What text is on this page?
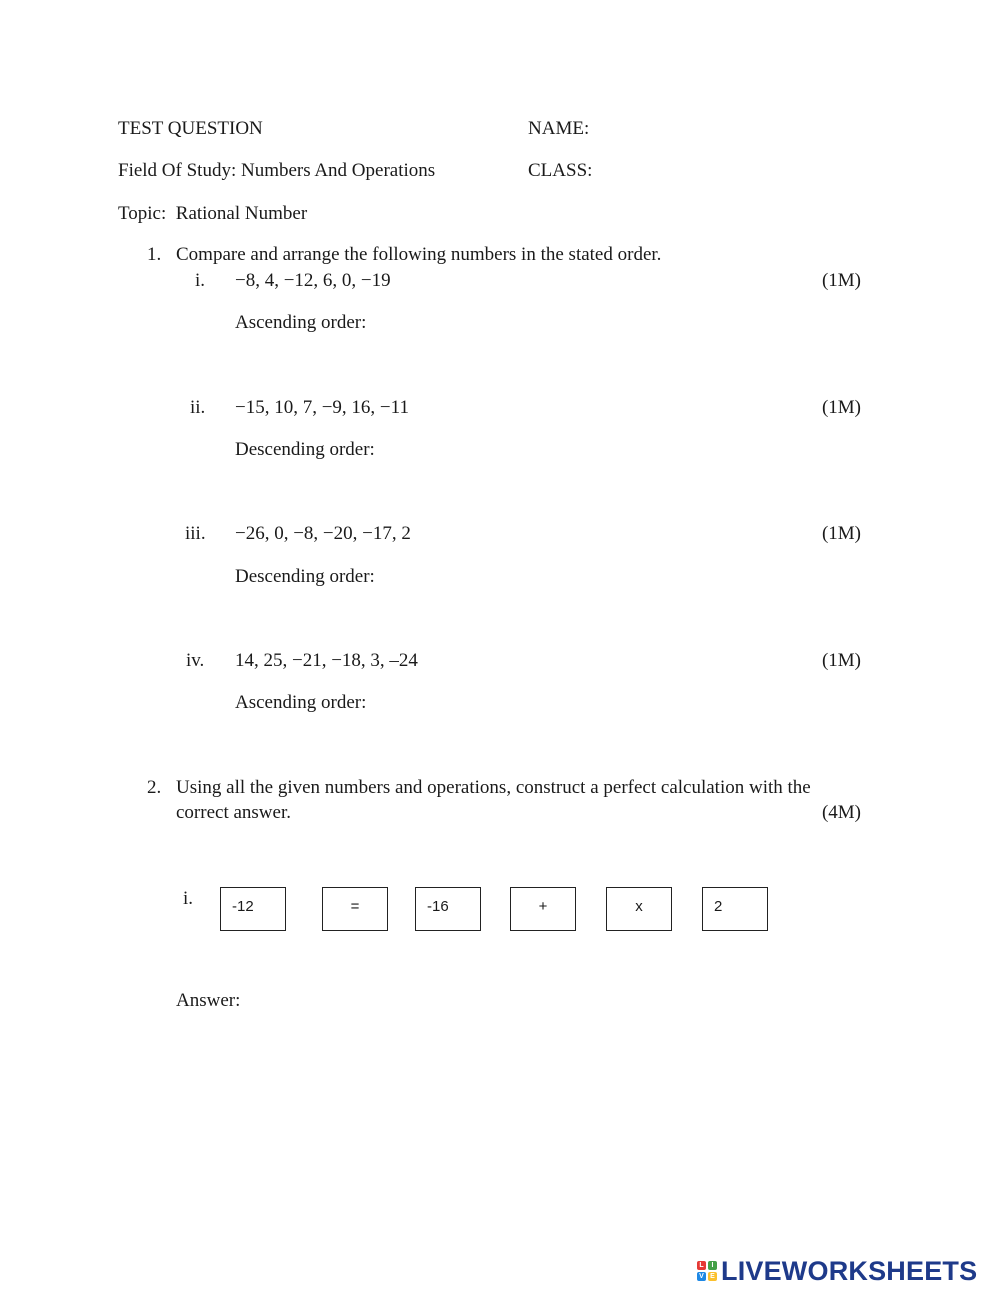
TEST QUESTION	NAME:
Field Of Study: Numbers And Operations	CLASS:
Topic:  Rational Number
1. Compare and arrange the following numbers in the stated order.
i. −8, 4, −12, 6, 0, −19	(1M)
Ascending order:
ii. −15, 10, 7, −9, 16, −11	(1M)
Descending order:
iii. −26, 0, −8, −20, −17, 2	(1M)
Descending order:
iv. 14, 25, −21, −18, 3, –24	(1M)
Ascending order:
2. Using all the given numbers and operations, construct a perfect calculation with the
correct answer.	(4M)
i.	-12	=	-16	+	x	2
Answer:
L	I
V E LIVEWORKSHEETS
